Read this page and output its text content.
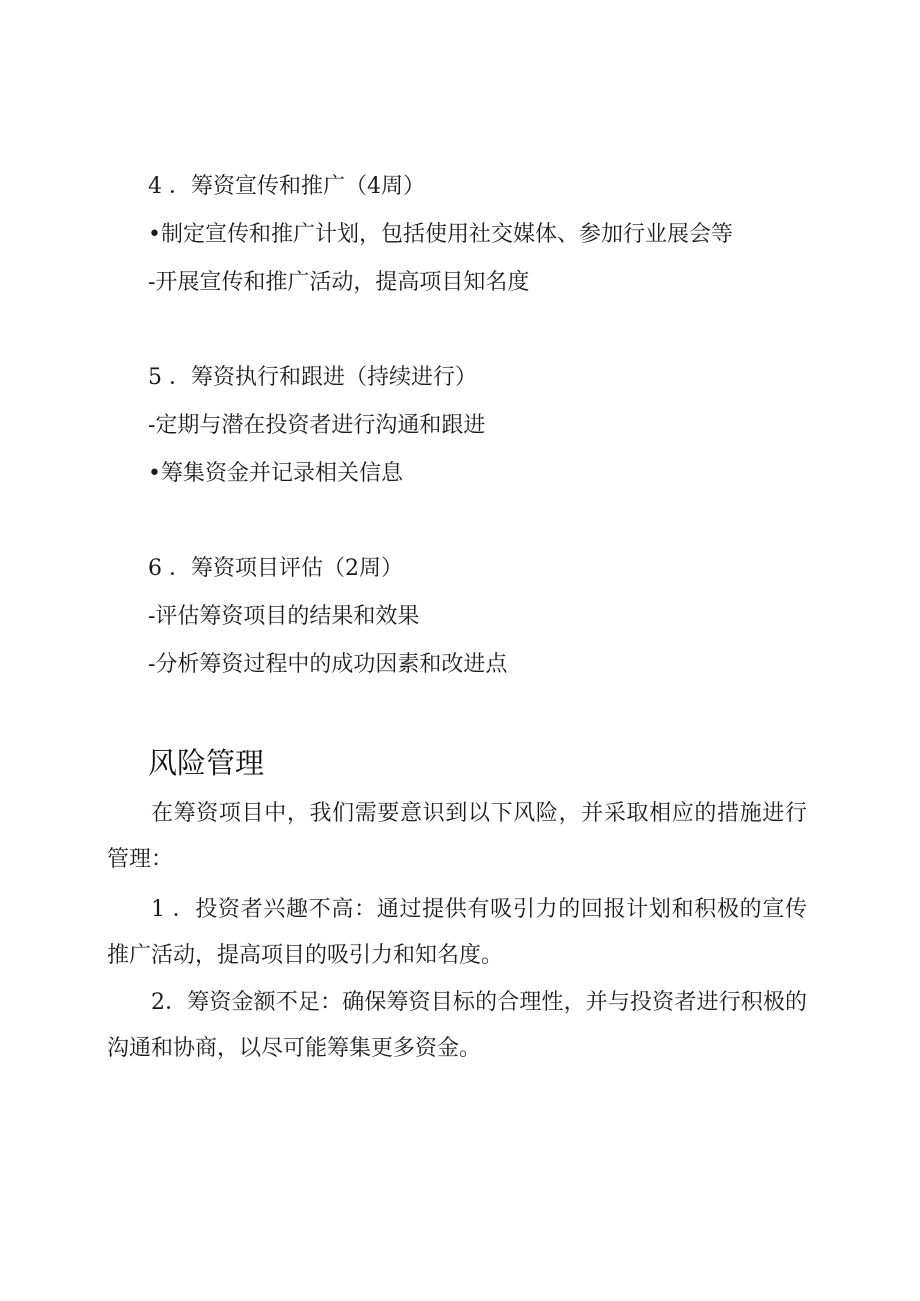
4 ．筹资宣传和推广（4周）
•制定宣传和推广计划，包括使用社交媒体、参加行业展会等
-开展宣传和推广活动，提高项目知名度
5 ．筹资执行和跟进（持续进行）
-定期与潜在投资者进行沟通和跟进
•筹集资金并记录相关信息
6 ．筹资项目评估（2周）
-评估筹资项目的结果和效果
-分析筹资过程中的成功因素和改进点
风险管理
在筹资项目中，我们需要意识到以下风险，并采取相应的措施进行管理：
1 ．投资者兴趣不高：通过提供有吸引力的回报计划和积极的宣传推广活动，提高项目的吸引力和知名度。
2．筹资金额不足：确保筹资目标的合理性，并与投资者进行积极的沟通和协商，以尽可能筹集更多资金。
